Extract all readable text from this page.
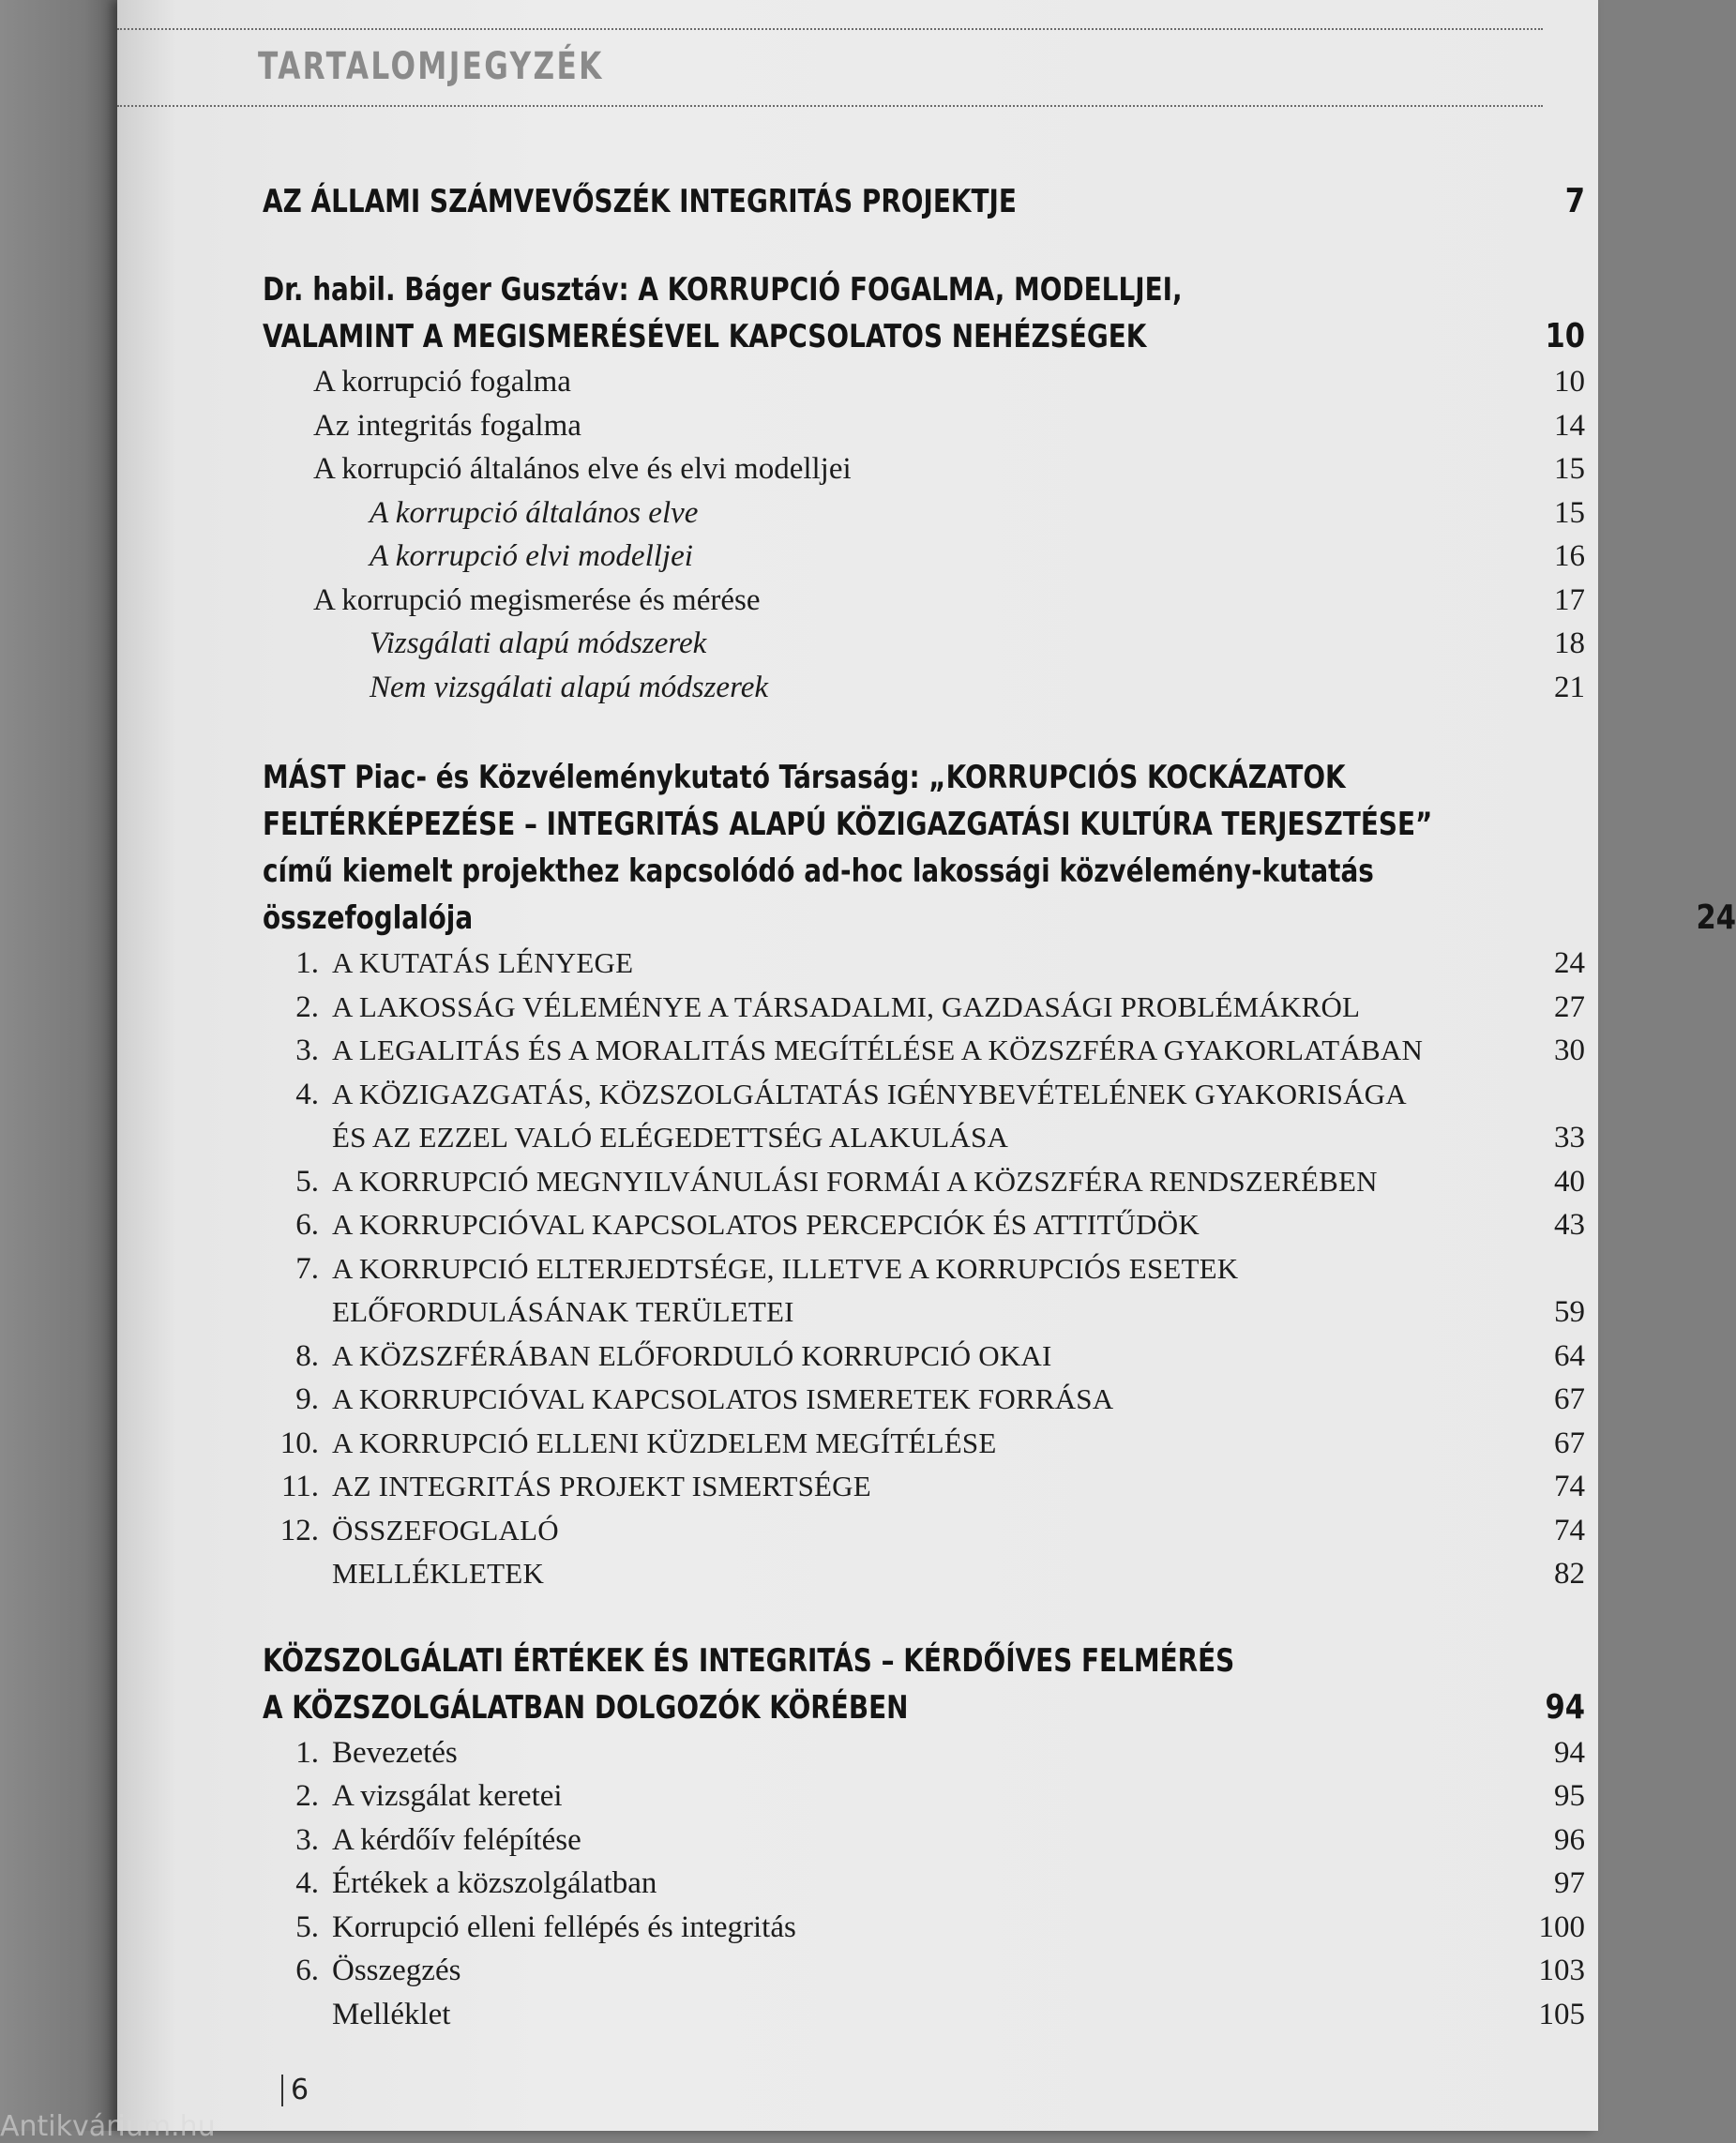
TARTALOMJEGYZÉK
AZ ÁLLAMI SZÁMVEVŐSZÉK INTEGRITÁS PROJEKTJE	7
Dr. habil. Báger Gusztáv: A KORRUPCIÓ FOGALMA, MODELLJEI,
VALAMINT A MEGISMERÉSÉVEL KAPCSOLATOS NEHÉZSÉGEK	10
A korrupció fogalma	10
Az integritás fogalma	14
A korrupció általános elve és elvi modelljei	15
A korrupció általános elve	15
A korrupció elvi modelljei	16
A korrupció megismerése és mérése	17
Vizsgálati alapú módszerek	18
Nem vizsgálati alapú módszerek	21
MÁST Piac- és Közvéleménykutató Társaság: „KORRUPCIÓS KOCKÁZATOK
FELTÉRKÉPEZÉSE – INTEGRITÁS ALAPÚ KÖZIGAZGATÁSI KULTÚRA TERJESZTÉSE”
című kiemelt projekthez kapcsolódó ad-hoc lakossági közvélemény-kutatás
összefoglalója	24
1. A KUTATÁS LÉNYEGE	24
2. A LAKOSSÁG VÉLEMÉNYE A TÁRSADALMI, GAZDASÁGI PROBLÉMÁKRÓL	27
3. A LEGALITÁS ÉS A MORALITÁS MEGÍTÉLÉSE A KÖZSZFÉRA GYAKORLATÁBAN	30
4. A KÖZIGAZGATÁS, KÖZSZOLGÁLTATÁS IGÉNYBEVÉTELÉNEK GYAKORISÁGA
ÉS AZ EZZEL VALÓ ELÉGEDETTSÉG ALAKULÁSA	33
5. A KORRUPCIÓ MEGNYILVÁNULÁSI FORMÁI A KÖZSZFÉRA RENDSZERÉBEN	40
6. A KORRUPCIÓVAL KAPCSOLATOS PERCEPCIÓK ÉS ATTITŰDÖK	43
7. A KORRUPCIÓ ELTERJEDTSÉGE, ILLETVE A KORRUPCIÓS ESETEK
ELŐFORDULÁSÁNAK TERÜLETEI	59
8. A KÖZSZFÉRÁBAN ELŐFORDULÓ KORRUPCIÓ OKAI	64
9. A KORRUPCIÓVAL KAPCSOLATOS ISMERETEK FORRÁSA	67
10. A KORRUPCIÓ ELLENI KÜZDELEM MEGÍTÉLÉSE	67
11. AZ INTEGRITÁS PROJEKT ISMERTSÉGE	74
12. ÖSSZEFOGLALÓ	74
MELLÉKLETEK	82
KÖZSZOLGÁLATI ÉRTÉKEK ÉS INTEGRITÁS – KÉRDŐÍVES FELMÉRÉS
A KÖZSZOLGÁLATBAN DOLGOZÓK KÖRÉBEN	94
1. Bevezetés	94
2. A vizsgálat keretei	95
3. A kérdőív felépítése	96
4. Értékek a közszolgálatban	97
5. Korrupció elleni fellépés és integritás	100
6. Összegzés	103
Melléklet	105
6
Antikvárium.hu
